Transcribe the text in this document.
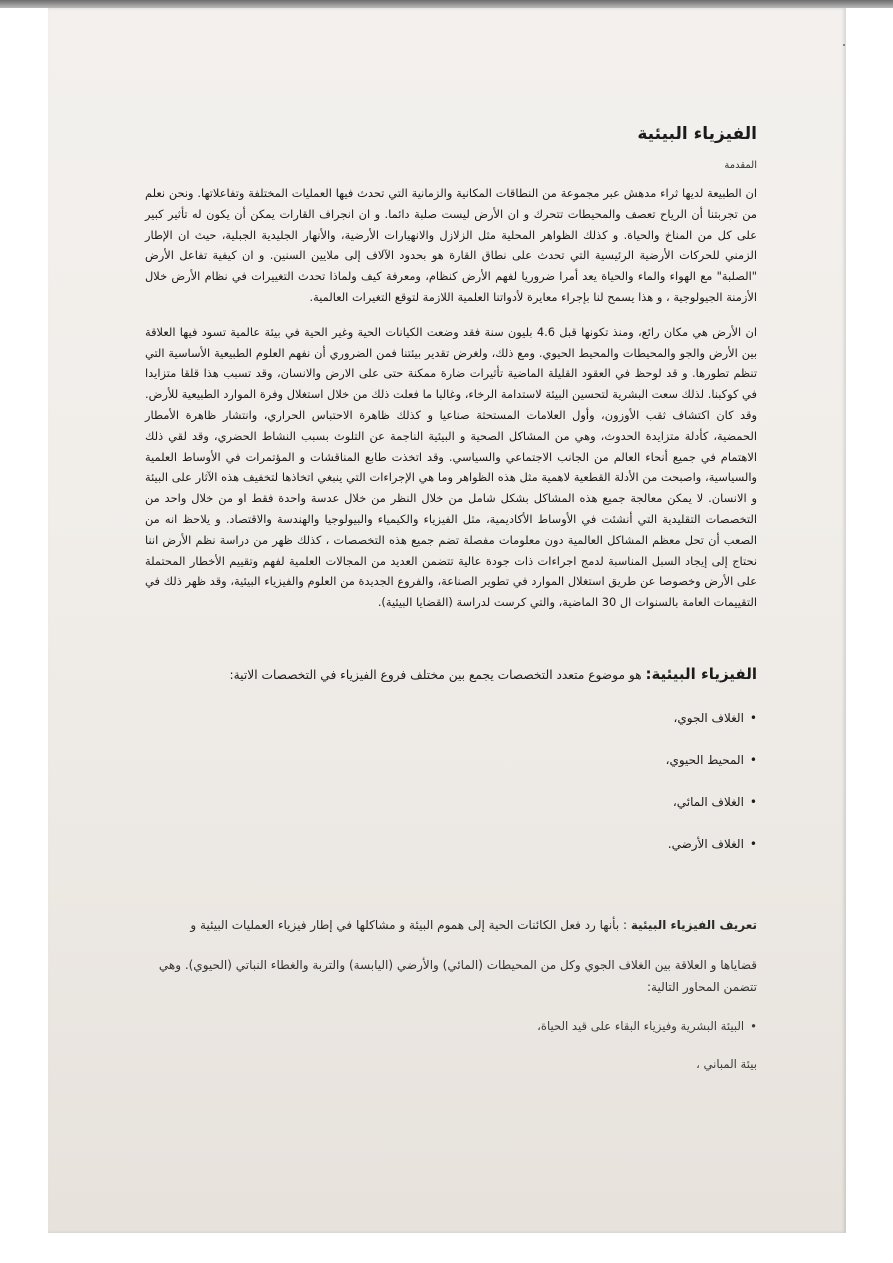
الفيزياء البيئية
المقدمة

ان الطبيعة لديها ثراء مدهش عبر مجموعة من النطاقات المكانية والزمانية التي تحدث فيها العمليات المختلفة وتفاعلاتها. ونحن نعلم من تجربتنا أن الرياح تعصف والمحيطات تتحرك و ان الأرض ليست صلبة دائما. و ان انجراف القارات يمكن أن يكون له تأثير كبير على كل من المناخ والحياة. و كذلك الظواهر المحلية مثل الزلازل والانهيارات الأرضية، والأنهار الجليدية الجبلية، حيث ان الإطار الزمني للحركات الأرضية الرئيسية التي تحدث على نطاق القارة هو بحدود الآلاف إلى ملايين السنين. و ان كيفية تفاعل الأرض "الصلبة" مع الهواء والماء والحياة يعد أمرا ضروريا لفهم الأرض كنظام، ومعرفة كيف ولماذا تحدث التغييرات في نظام الأرض خلال الأزمنة الجيولوجية ، و هذا يسمح لنا بإجراء معايرة لأدواتنا العلمية اللازمة لتوقع التغيرات العالمية.

ان الأرض هي مكان رائع، ومنذ تكونها قبل 4.6 بليون سنة فقد وضعت الكيانات الحية وغير الحية في بيئة عالمية تسود فيها العلاقة بين الأرض والجو والمحيطات والمحيط الحيوي. ومع ذلك، ولغرض تقدير بيئتنا فمن الضروري أن نفهم العلوم الطبيعية الأساسية التي تنظم تطورها. و قد لوحظ في العقود القليلة الماضية تأثيرات ضارة ممكنة حتى على الارض والانسان، وقد تسبب هذا قلقا متزايدا في كوكبنا. لذلك سعت البشرية لتحسين البيئة لاستدامة الرخاء، وغالبا ما فعلت ذلك من خلال استغلال وفرة الموارد الطبيعية للأرض. وقد كان اكتشاف ثقب الأوزون، وأول العلامات المستحثة صناعيا و كذلك ظاهرة الاحتباس الحراري، وانتشار ظاهرة الأمطار الحمضية، كأدلة متزايدة الحدوث، وهي من المشاكل الصحية و البيئية الناجمة عن التلوث بسبب النشاط الحضري، وقد لقي ذلك الاهتمام في جميع أنحاء العالم من الجانب الاجتماعي والسياسي. وقد اتخذت طابع المناقشات و المؤتمرات في الأوساط العلمية والسياسية، واصبحت من الأدلة القطعية لاهمية مثل هذه الظواهر وما هي الإجراءات التي ينبغي اتخاذها لتخفيف هذه الآثار على البيئة و الانسان. لا يمكن معالجة جميع هذه المشاكل بشكل شامل من خلال النظر من خلال عدسة واحدة فقط او من خلال واحد من التخصصات التقليدية التي أنشئت في الأوساط الأكاديمية، مثل الفيزياء والكيمياء والبيولوجيا والهندسة والاقتصاد. و يلاحظ انه من الصعب أن تحل معظم المشاكل العالمية دون معلومات مفصلة تضم جميع هذه التخصصات ، كذلك ظهر من دراسة نظم الأرض اننا نحتاج إلى إيجاد السبل المناسبة لدمج اجراءات ذات جودة عالية تتضمن العديد من المجالات العلمية لفهم وتقييم الأخطار المحتملة على الأرض وخصوصا عن طريق استغلال الموارد في تطوير الصناعة، والفروع الجديدة من العلوم والفيزياء البيئية، وقد ظهر ذلك في التقييمات العامة بالسنوات ال 30 الماضية، والتي كرست لدراسة (القضايا البيئية).

الفيزياء البيئية: هو موضوع متعدد التخصصات يجمع بين مختلف فروع الفيزياء في التخصصات الاتية:
• الغلاف الجوي،
• المحيط الحيوي،
• الغلاف المائي،
• الغلاف الأرضي.
تعريف الفيزياء البيئية : بأنها رد فعل الكائنات الحية إلى هموم البيئة و مشاكلها في إطار فيزياء العمليات البيئية و
قضاياها و العلاقة بين الغلاف الجوي وكل من المحيطات (المائي) والأرضي (اليابسة) والتربة والغطاء النباتي (الحيوي). وهي تتضمن المحاور التالية:
• البيئة البشرية وفيزياء البقاء على قيد الحياة،
بيئة المباني ،
